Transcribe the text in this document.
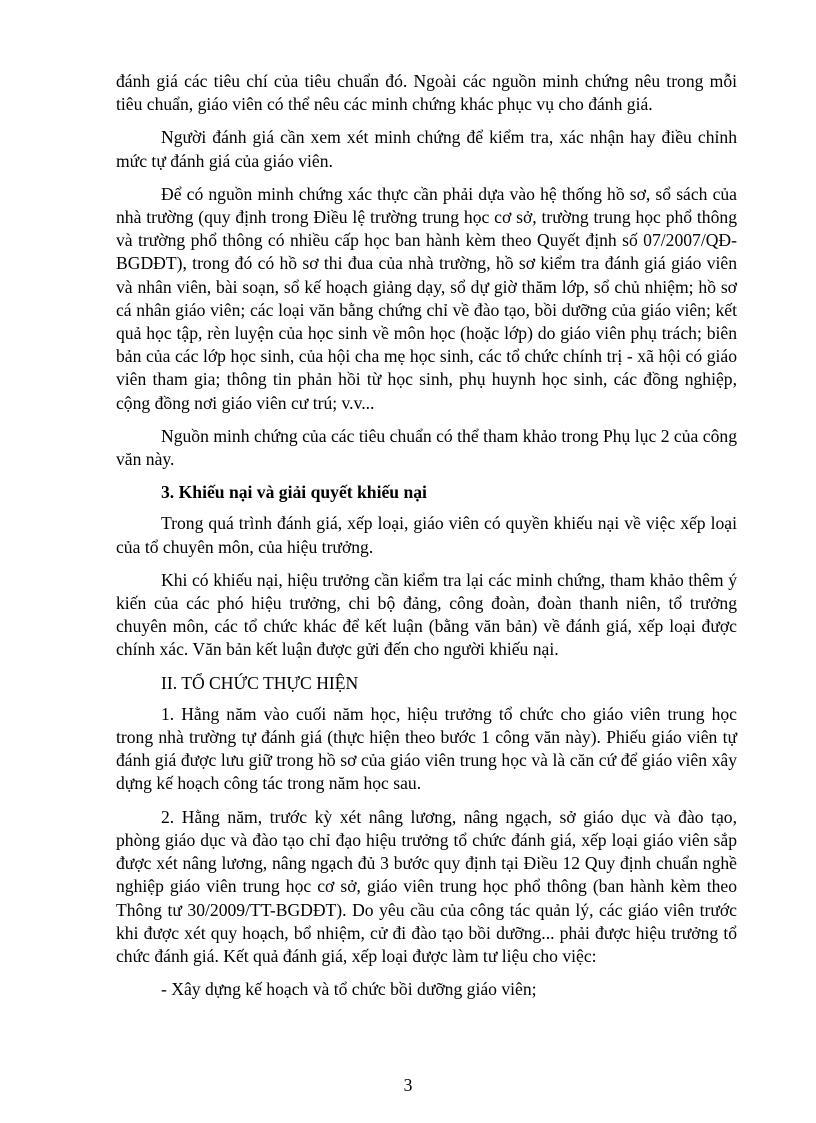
đánh giá các tiêu chí của tiêu chuẩn đó. Ngoài các nguồn minh chứng nêu trong mỗi tiêu chuẩn, giáo viên có thể nêu các minh chứng khác phục vụ cho đánh giá.

Người đánh giá cần xem xét minh chứng để kiểm tra, xác nhận hay điều chỉnh mức tự đánh giá của giáo viên.

Để có nguồn minh chứng xác thực cần phải dựa vào hệ thống hồ sơ, sổ sách của nhà trường (quy định trong Điều lệ trường trung học cơ sở, trường trung học phổ thông và trường phổ thông có nhiều cấp học ban hành kèm theo Quyết định số 07/2007/QĐ-BGDĐT), trong đó có hồ sơ thi đua của nhà trường, hồ sơ kiểm tra đánh giá giáo viên và nhân viên, bài soạn, sổ kế hoạch giảng dạy, sổ dự giờ thăm lớp, sổ chủ nhiệm; hồ sơ cá nhân giáo viên; các loại văn bằng chứng chỉ về đào tạo, bồi dưỡng của giáo viên; kết quả học tập, rèn luyện của học sinh về môn học (hoặc lớp) do giáo viên phụ trách; biên bản của các lớp học sinh, của hội cha mẹ học sinh, các tổ chức chính trị - xã hội có giáo viên tham gia; thông tin phản hồi từ học sinh, phụ huynh học sinh, các đồng nghiệp, cộng đồng nơi giáo viên cư trú; v.v...

Nguồn minh chứng của các tiêu chuẩn có thể tham khảo trong Phụ lục 2 của công văn này.

3. Khiếu nại và giải quyết khiếu nại

Trong quá trình đánh giá, xếp loại, giáo viên có quyền khiếu nại về việc xếp loại của tổ chuyên môn, của hiệu trưởng.

Khi có khiếu nại, hiệu trưởng cần kiểm tra lại các minh chứng, tham khảo thêm ý kiến của các phó hiệu trưởng, chi bộ đảng, công đoàn, đoàn thanh niên, tổ trưởng chuyên môn, các tổ chức khác để kết luận (bằng văn bản) về đánh giá, xếp loại được chính xác. Văn bản kết luận được gửi đến cho người khiếu nại.

II. TỔ CHỨC THỰC HIỆN

1. Hằng năm vào cuối năm học, hiệu trưởng tổ chức cho giáo viên trung học trong nhà trường tự đánh giá (thực hiện theo bước 1 công văn này). Phiếu giáo viên tự đánh giá được lưu giữ trong hồ sơ của giáo viên trung học và là căn cứ để giáo viên xây dựng kế hoạch công tác trong năm học sau.

2. Hằng năm, trước kỳ xét nâng lương, nâng ngạch, sở giáo dục và đào tạo, phòng giáo dục và đào tạo chỉ đạo hiệu trưởng tổ chức đánh giá, xếp loại giáo viên sắp được xét nâng lương, nâng ngạch đủ 3 bước quy định tại Điều 12 Quy định chuẩn nghề nghiệp giáo viên trung học cơ sở, giáo viên trung học phổ thông (ban hành kèm theo Thông tư 30/2009/TT-BGDĐT). Do yêu cầu của công tác quản lý, các giáo viên trước khi được xét quy hoạch, bổ nhiệm, cử đi đào tạo bồi dưỡng... phải được hiệu trưởng tổ chức đánh giá. Kết quả đánh giá, xếp loại được làm tư liệu cho việc:

- Xây dựng kế hoạch và tổ chức bồi dưỡng giáo viên;

3
